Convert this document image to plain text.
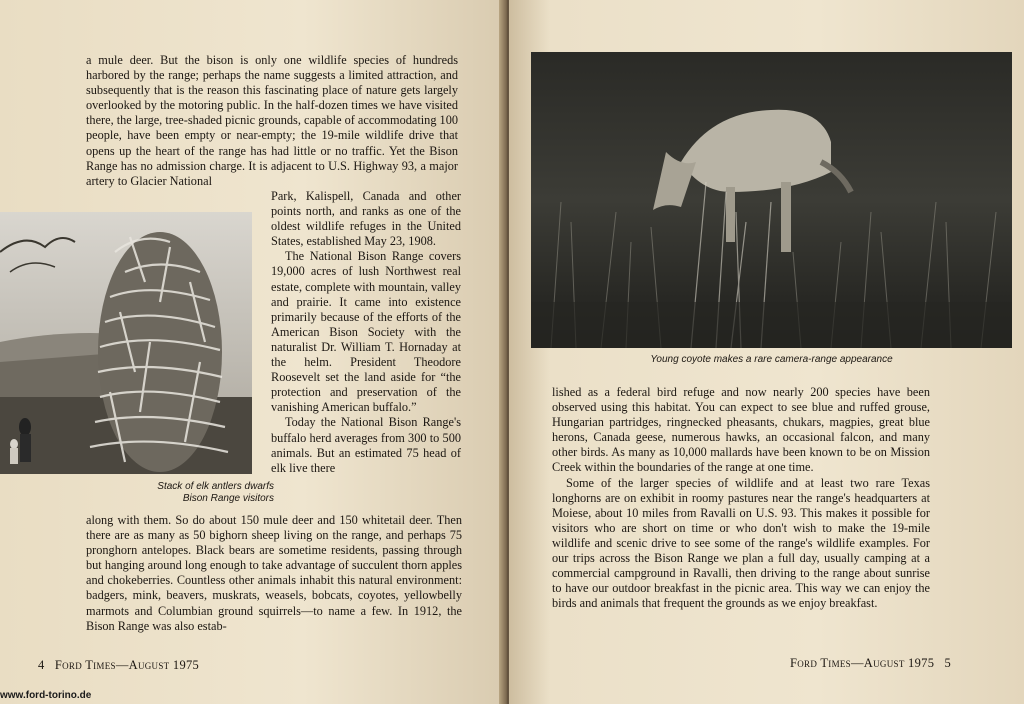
a mule deer. But the bison is only one wildlife species of hundreds harbored by the range; perhaps the name suggests a limited attraction, and subsequently that is the reason this fascinating place of nature gets largely overlooked by the motoring public. In the half-dozen times we have visited there, the large, tree-shaded picnic grounds, capable of accommodating 100 people, have been empty or near-empty; the 19-mile wildlife drive that opens up the heart of the range has had little or no traffic. Yet the Bison Range has no admission charge. It is adjacent to U.S. Highway 93, a major artery to Glacier National

Park, Kalispell, Canada and other points north, and ranks as one of the oldest wildlife refuges in the United States, established May 23, 1908.

The National Bison Range covers 19,000 acres of lush Northwest real estate, complete with mountain, valley and prairie. It came into existence primarily because of the efforts of the American Bison Society with the naturalist Dr. William T. Hornaday at the helm. President Theodore Roosevelt set the land aside for “the protection and preservation of the vanishing American buffalo.”

Today the National Bison Range's buffalo herd averages from 300 to 500 animals. But an estimated 75 head of elk live there

Stack of elk antlers dwarfs
Bison Range visitors

along with them. So do about 150 mule deer and 150 whitetail deer. Then there are as many as 50 bighorn sheep living on the range, and perhaps 75 pronghorn antelopes. Black bears are sometime residents, passing through but hanging around long enough to take advantage of succulent thorn apples and chokeberries. Countless other animals inhabit this natural environment: badgers, mink, beavers, muskrats, weasels, bobcats, coyotes, yellowbelly marmots and Columbian ground squirrels—to name a few. In 1912, the Bison Range was also estab-

4 Ford Times—August 1975
www.ford-torino.de
Young coyote makes a rare camera-range appearance

lished as a federal bird refuge and now nearly 200 species have been observed using this habitat. You can expect to see blue and ruffed grouse, Hungarian partridges, ringnecked pheasants, chukars, magpies, great blue herons, Canada geese, numerous hawks, an occasional falcon, and many other birds. As many as 10,000 mallards have been known to be on Mission Creek within the boundaries of the range at one time.

Some of the larger species of wildlife and at least two rare Texas longhorns are on exhibit in roomy pastures near the range's headquarters at Moiese, about 10 miles from Ravalli on U.S. 93. This makes it possible for visitors who are short on time or who don't wish to make the 19-mile wildlife and scenic drive to see some of the range's wildlife examples. For our trips across the Bison Range we plan a full day, usually camping at a commercial campground in Ravalli, then driving to the range about sunrise to have our outdoor breakfast in the picnic area. This way we can enjoy the birds and animals that frequent the grounds as we enjoy breakfast.

Ford Times—August 1975 5
